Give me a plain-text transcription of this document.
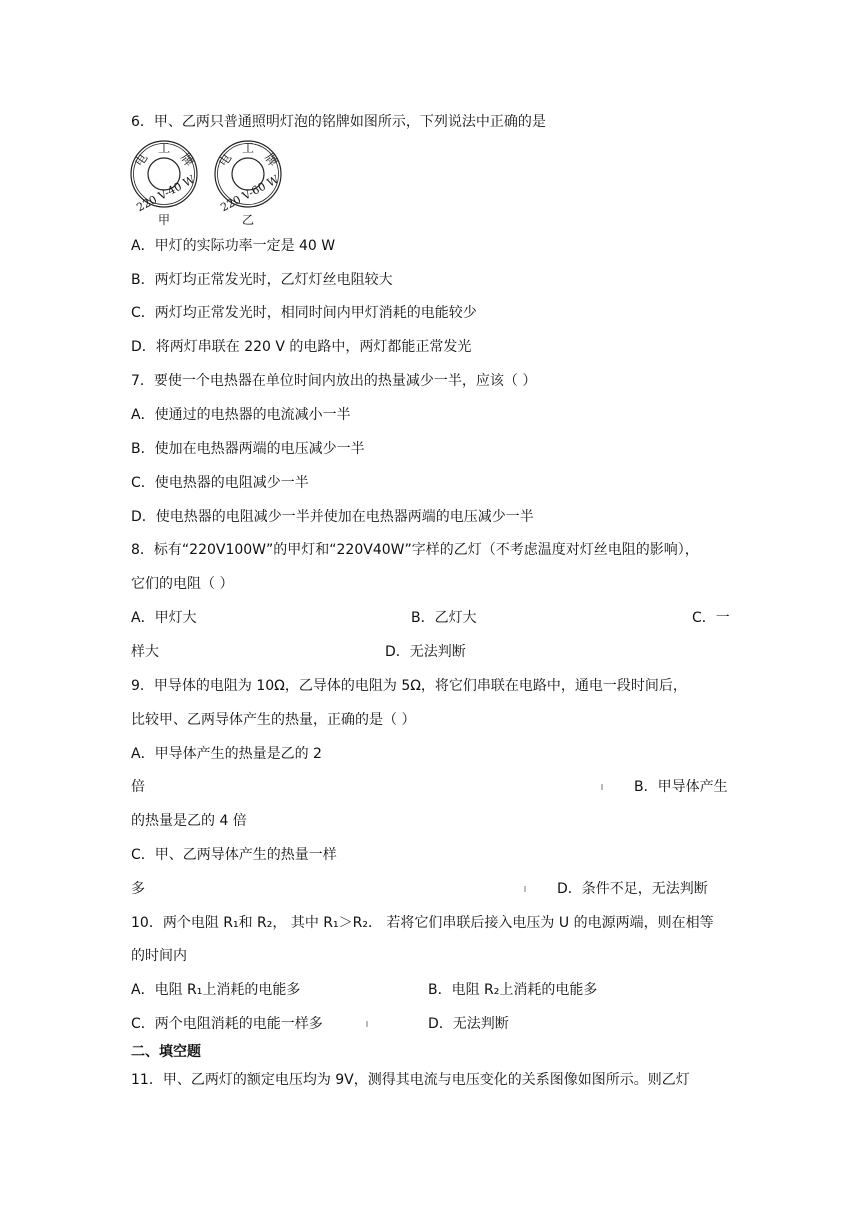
6．甲、乙两只普通照明灯泡的铭牌如图所示，下列说法中正确的是
工
电 牌
220 V-40 W
甲
工
电 牌
220 V-60 W
乙
A．甲灯的实际功率一定是 40 W
B．两灯均正常发光时，乙灯灯丝电阻较大
C．两灯均正常发光时，相同时间内甲灯消耗的电能较少
D．将两灯串联在 220 V 的电路中，两灯都能正常发光
7．要使一个电热器在单位时间内放出的热量减少一半，应该（ ）
A．使通过的电热器的电流减小一半
B．使加在电热器两端的电压减少一半
C．使电热器的电阻减少一半
D．使电热器的电阻减少一半并使加在电热器两端的电压减少一半
8．标有“220V100W”的甲灯和“220V40W”字样的乙灯（不考虑温度对灯丝电阻的影响），
它们的电阻（ ）
A．甲灯大	B．乙灯大	C．一
样大	D．无法判断
9．甲导体的电阻为 10Ω，乙导体的电阻为 5Ω，将它们串联在电路中，通电一段时间后，
比较甲、乙两导体产生的热量，正确的是（ ）
A．甲导体产生的热量是乙的 2
倍	B．甲导体产生
的热量是乙的 4 倍
C．甲、乙两导体产生的热量一样
多	D．条件不足，无法判断
10．两个电阻 R₁和 R₂， 其中 R₁＞R₂． 若将它们串联后接入电压为 U 的电源两端，则在相等
的时间内
A．电阻 R₁上消耗的电能多	B．电阻 R₂上消耗的电能多
C．两个电阻消耗的电能一样多	D．无法判断
二、填空题
11．甲、乙两灯的额定电压均为 9V，测得其电流与电压变化的关系图像如图所示。则乙灯
